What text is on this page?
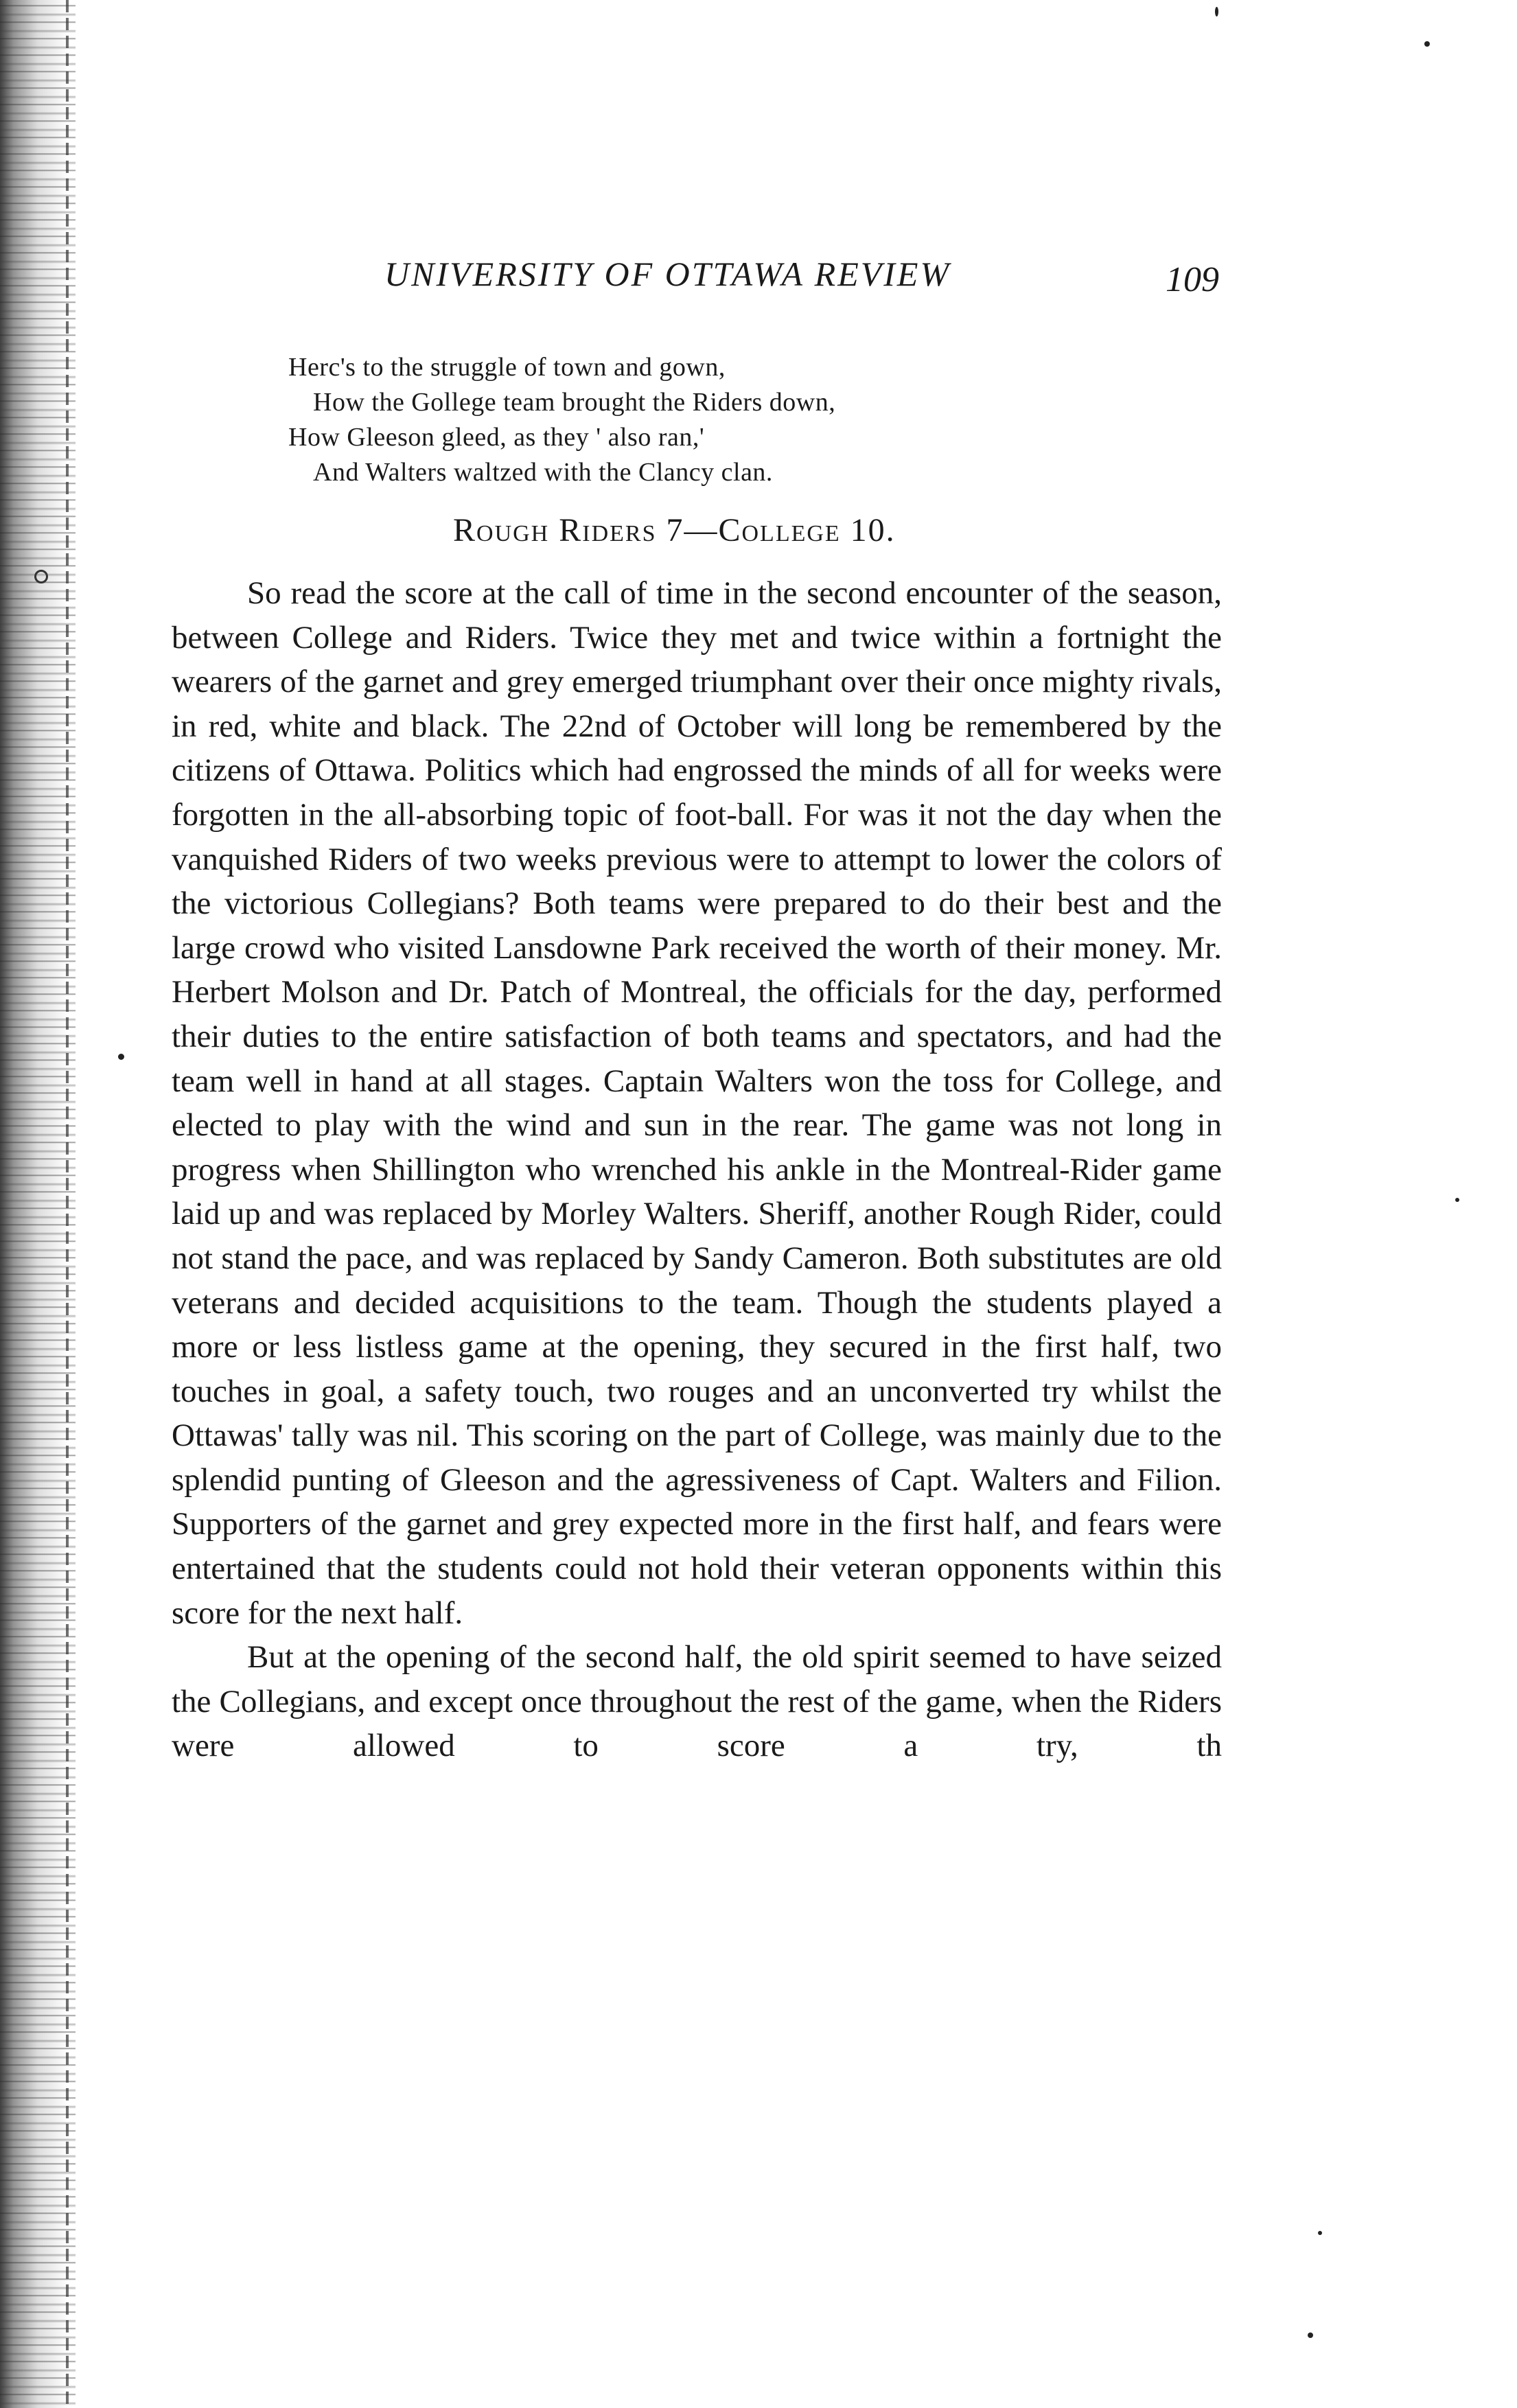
UNIVERSITY OF OTTAWA REVIEW	109
Herc's to the struggle of town and gown,
How the Gollege team brought the Riders down,
How Gleeson gleed, as they ' also ran,'
And Walters waltzed with the Clancy clan.
Rough Riders 7—College 10.

So read the score at the call of time in the second encounter of the season, between College and Riders. Twice they met and twice within a fortnight the wearers of the garnet and grey emerged triumphant over their once mighty rivals, in red, white and black. The 22nd of October will long be remembered by the citizens of Ottawa. Politics which had engrossed the minds of all for weeks were forgotten in the all-absorbing topic of foot-ball. For was it not the day when the vanquished Riders of two weeks previous were to attempt to lower the colors of the victorious Collegians? Both teams were prepared to do their best and the large crowd who visited Lansdowne Park received the worth of their money. Mr. Herbert Molson and Dr. Patch of Montreal, the officials for the day, performed their duties to the entire satisfaction of both teams and spectators, and had the team well in hand at all stages. Captain Walters won the toss for College, and elected to play with the wind and sun in the rear. The game was not long in progress when Shillington who wrenched his ankle in the Montreal-Rider game laid up and was replaced by Morley Walters. Sheriff, another Rough Rider, could not stand the pace, and was replaced by Sandy Cameron. Both substitutes are old veterans and decided acquisitions to the team. Though the students played a more or less listless game at the opening, they secured in the first half, two touches in goal, a safety touch, two rouges and an unconverted try whilst the Ottawas' tally was nil. This scoring on the part of College, was mainly due to the splendid punting of Gleeson and the agressiveness of Capt. Walters and Filion. Supporters of the garnet and grey expected more in the first half, and fears were entertained that the students could not hold their veteran opponents within this score for the next half.

But at the opening of the second half, the old spirit seemed to have seized the Collegians, and except once throughout the rest of the game, when the Riders were allowed to score a try, th
